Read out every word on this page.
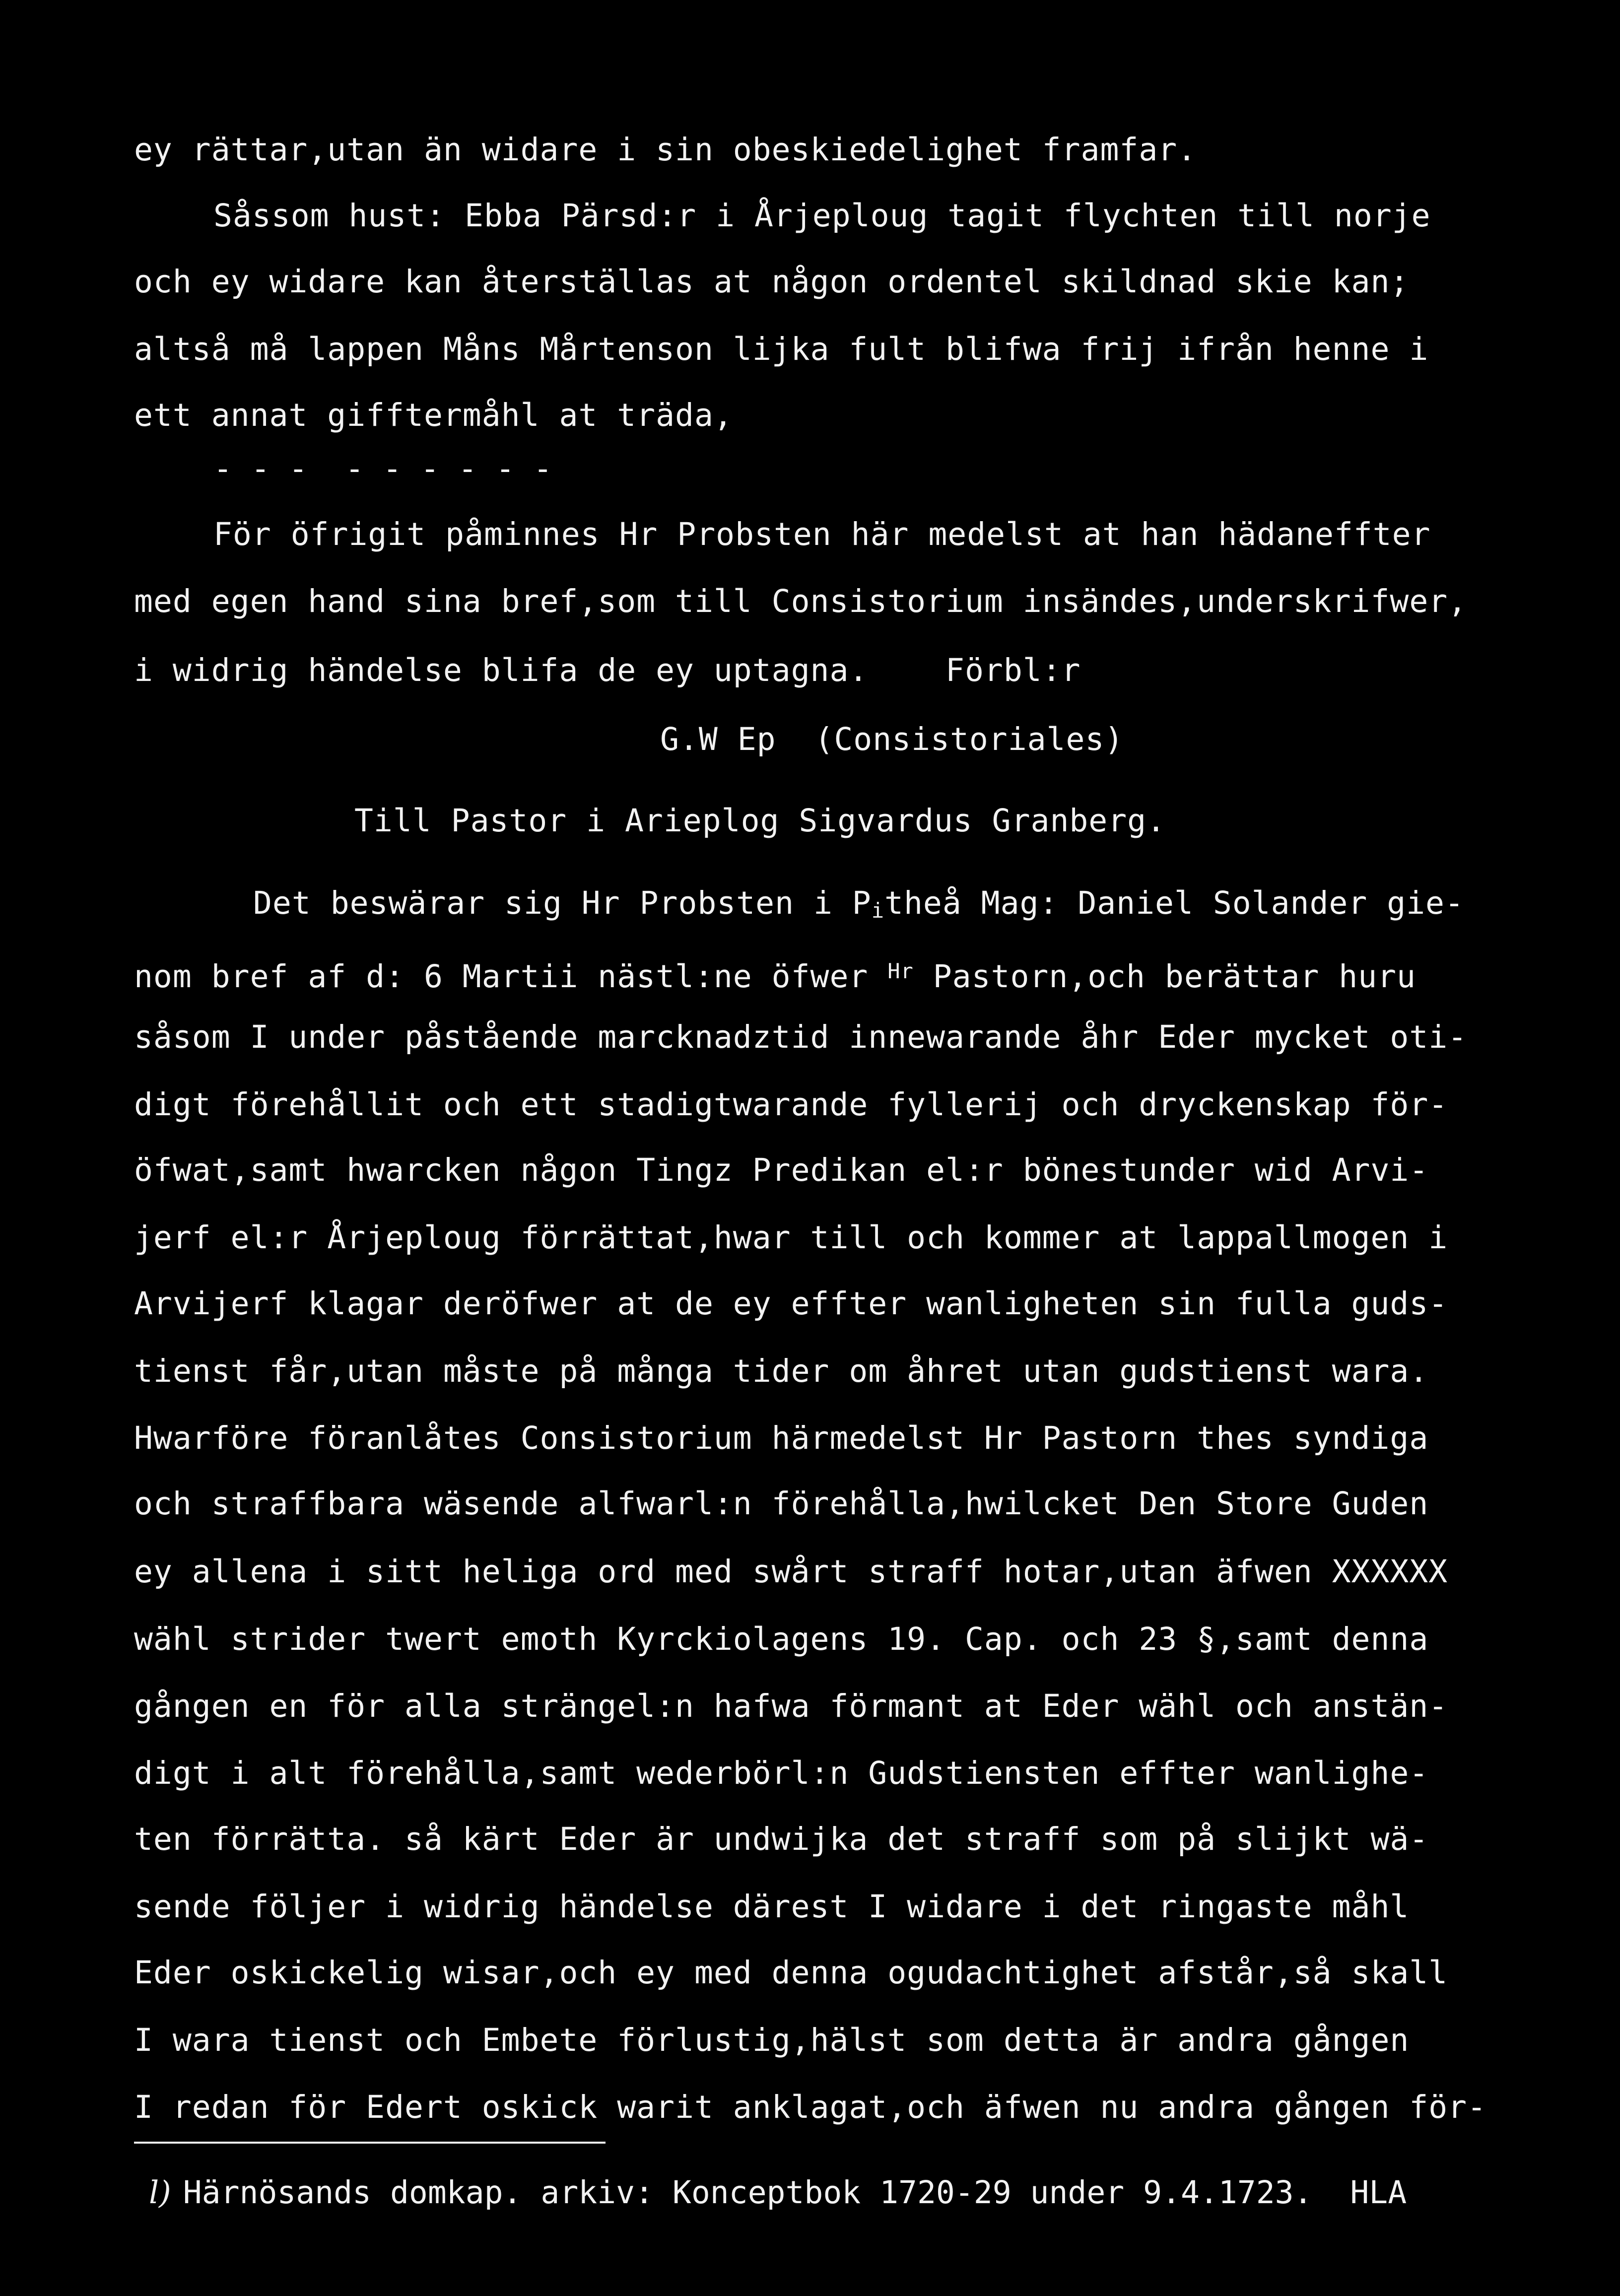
ey rättar,utan än widare i sin obeskiedelighet framfar.
Såssom hust: Ebba Pärsd:r i Årjeploug tagit flychten till norje
och ey widare kan återställas at någon ordentel skildnad skie kan;
altså må lappen Måns Mårtenson lijka fult blifwa frij ifrån henne i
ett annat gifftermåhl at träda,
- - -  - - - - - -
För öfrigit påminnes Hr Probsten här medelst at han hädaneffter
med egen hand sina bref,som till Consistorium insändes,underskrifwer,
i widrig händelse blifa de ey uptagna.    Förbl:r
G.W Ep  (Consistoriales)
Till Pastor i Arieplog Sigvardus Granberg.
Det beswärar sig Hr Probsten i $P_itheå$ Mag: Daniel Solander gie-
nom bref af d: 6 Martii nästl:ne öfwer $^{Hr}$ Pastorn,och berättar huru
såsom I under påstående marcknadztid innewarande åhr Eder mycket oti-
digt förehållit och ett stadigtwarande fyllerij och dryckenskap för-
öfwat,samt hwarcken någon Tingz Predikan el:r bönestunder wid Arvi-
jerf el:r Årjeploug förrättat,hwar till och kommer at lappallmogen i
Arvijerf klagar deröfwer at de ey effter wanligheten sin fulla guds-
tienst får,utan måste på många tider om åhret utan gudstienst wara.
Hwarföre föranlåtes Consistorium härmedelst Hr Pastorn thes syndiga
och straffbara wäsende alfwarl:n förehålla,hwilcket Den Store Guden
ey allena i sitt heliga ord med swårt straff hotar,utan äfwen XXXXXX
wähl strider twert emoth Kyrckiolagens 19. Cap. och 23 §,samt denna
gången en för alla strängel:n hafwa förmant at Eder wähl och anstän-
digt i alt förehålla,samt wederbörl:n Gudstiensten effter wanlighe-
ten förrätta. så kärt Eder är undwijka det straff som på slijkt wä-
sende följer i widrig händelse därest I widare i det ringaste måhl
Eder oskickelig wisar,och ey med denna ogudachtighet afstår,så skall
I wara tienst och Embete förlustig,hälst som detta är andra gången
I redan för Edert oskick warit anklagat,och äfwen nu andra gången för-
l) Härnösands domkap. arkiv: Konceptbok 1720-29 under 9.4.1723.  HLA
